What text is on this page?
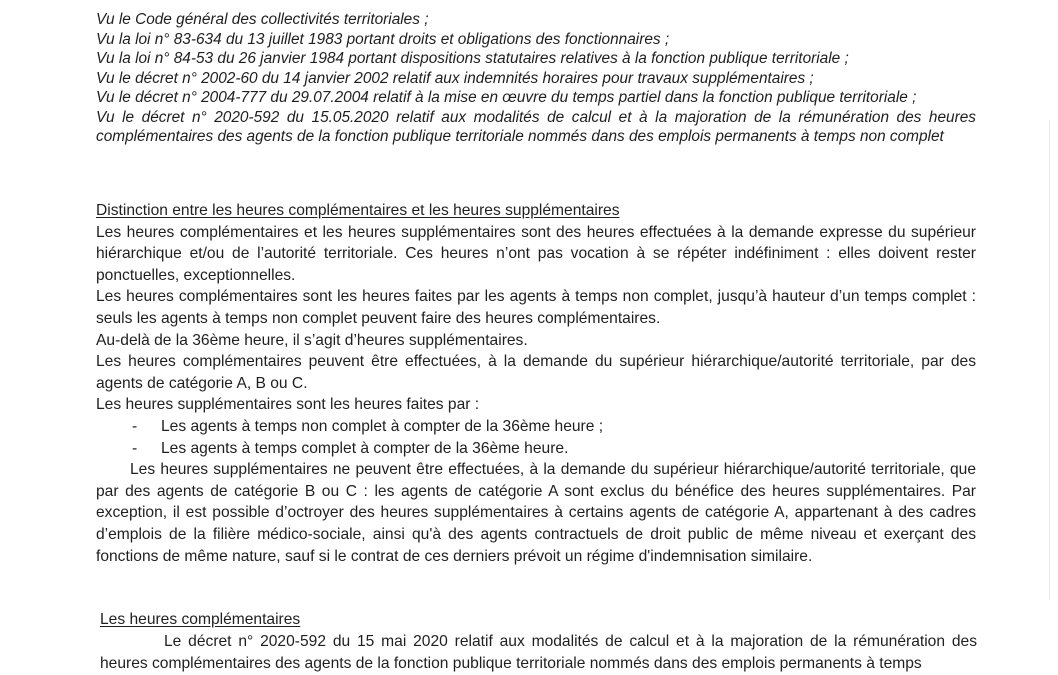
Vu le Code général des collectivités territoriales ;

Vu la loi n° 83-634 du 13 juillet 1983 portant droits et obligations des fonctionnaires ;

Vu la loi n° 84-53 du 26 janvier 1984 portant dispositions statutaires relatives à la fonction publique territoriale ;

Vu le décret n° 2002-60 du 14 janvier 2002 relatif aux indemnités horaires pour travaux supplémentaires ;

Vu le décret n° 2004-777 du 29.07.2004 relatif à la mise en œuvre du temps partiel dans la fonction publique territoriale ;

Vu le décret n° 2020-592 du 15.05.2020 relatif aux modalités de calcul et à la majoration de la rémunération des heures complémentaires des agents de la fonction publique territoriale nommés dans des emplois permanents à temps non complet

Distinction entre les heures complémentaires et les heures supplémentaires

Les heures complémentaires et les heures supplémentaires sont des heures effectuées à la demande expresse du supérieur hiérarchique et/ou de l’autorité territoriale. Ces heures n’ont pas vocation à se répéter indéfiniment : elles doivent rester ponctuelles, exceptionnelles.

Les heures complémentaires sont les heures faites par les agents à temps non complet, jusqu’à hauteur d’un temps complet : seuls les agents à temps non complet peuvent faire des heures complémentaires.

Au-delà de la 36ème heure, il s’agit d’heures supplémentaires.

Les heures complémentaires peuvent être effectuées, à la demande du supérieur hiérarchique/autorité territoriale, par des agents de catégorie A, B ou C.

Les heures supplémentaires sont les heures faites par :

- Les agents à temps non complet à compter de la 36ème heure ;
- Les agents à temps complet à compter de la 36ème heure.

Les heures supplémentaires ne peuvent être effectuées, à la demande du supérieur hiérarchique/autorité territoriale, que par des agents de catégorie B ou C : les agents de catégorie A sont exclus du bénéfice des heures supplémentaires. Par exception, il est possible d’octroyer des heures supplémentaires à certains agents de catégorie A, appartenant à des cadres d’emplois de la filière médico-sociale, ainsi qu'à des agents contractuels de droit public de même niveau et exerçant des fonctions de même nature, sauf si le contrat de ces derniers prévoit un régime d'indemnisation similaire.

Les heures complémentaires

Le décret n° 2020-592 du 15 mai 2020 relatif aux modalités de calcul et à la majoration de la rémunération des heures complémentaires des agents de la fonction publique territoriale nommés dans des emplois permanents à temps
